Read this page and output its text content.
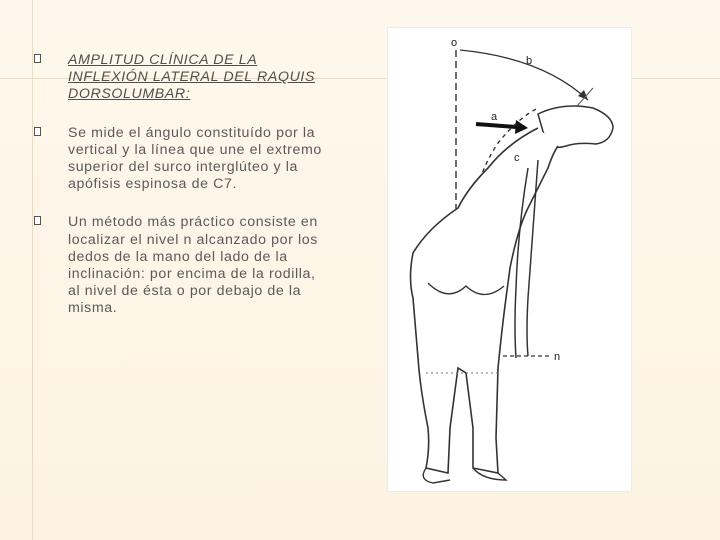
AMPLITUD CLÍNICA DE LA INFLEXIÓN LATERAL DEL RAQUIS DORSOLUMBAR:
Se mide el ángulo constituído por la vertical y la línea que une el extremo superior del surco interglúteo y la apófisis espinosa de C7.
Un método más práctico consiste en localizar el nivel n alcanzado por los dedos de la mano del lado de la inclinación: por encima de la rodilla, al nivel de ésta o por debajo de la misma.
o
b
a
c
n
